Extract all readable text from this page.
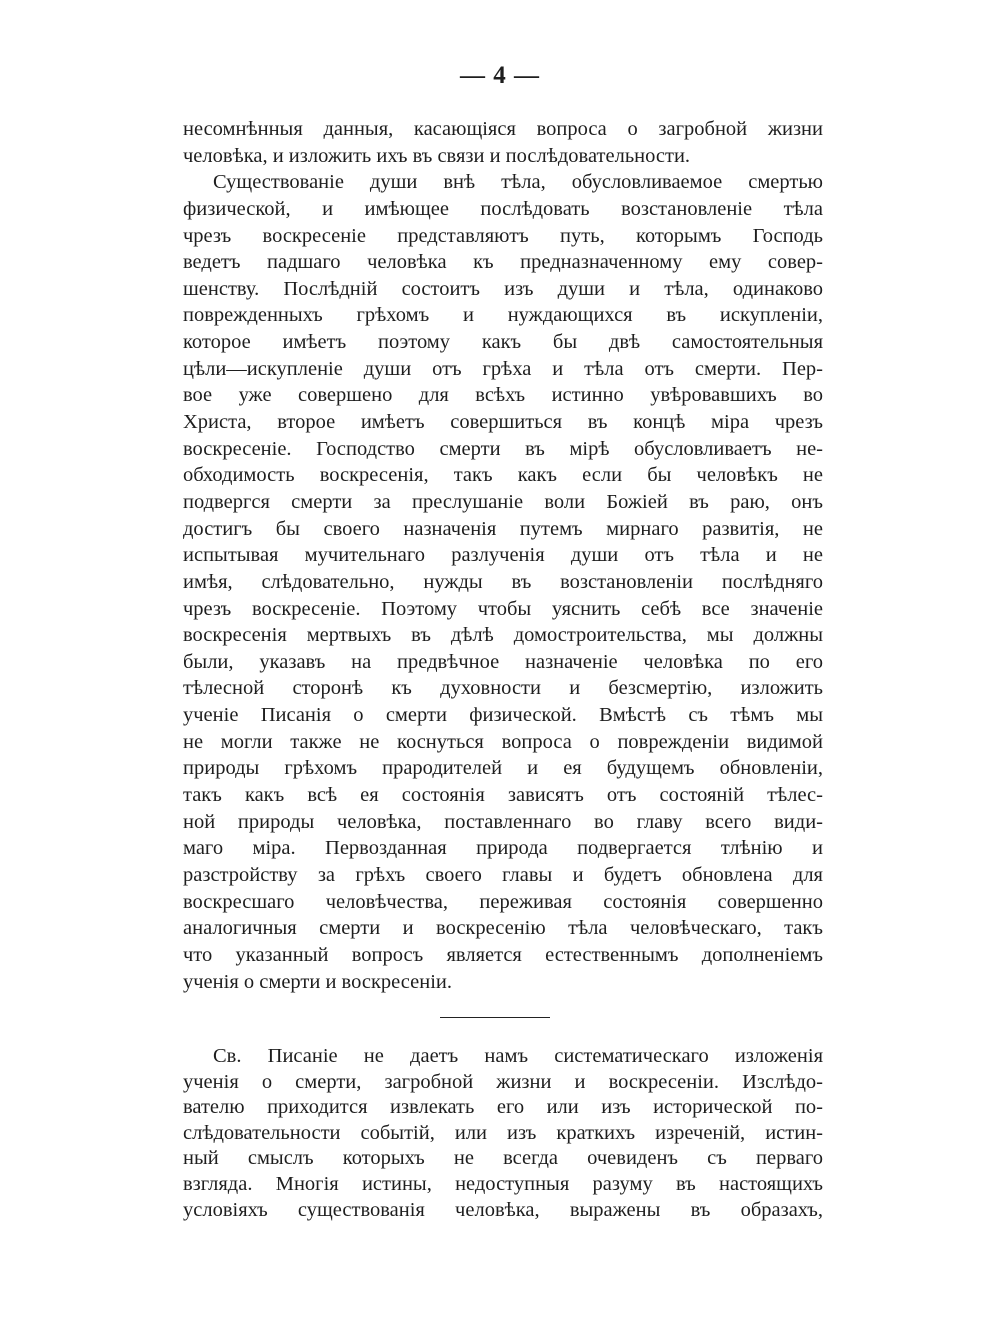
— 4 —
несомнѣнныя данныя, касающіяся вопроса о загробной жизни
человѣка, и изложить ихъ въ связи и послѣдовательности.
Существованіе души внѣ тѣла, обусловливаемое смертью
физической, и имѣющее послѣдовать возстановленіе тѣла
чрезъ воскресеніе представляютъ путь, которымъ Господь
ведетъ падшаго человѣка къ предназначенному ему совер-
шенству. Послѣдній состоитъ изъ души и тѣла, одинаково
поврежденныхъ грѣхомъ и нуждающихся въ искупленіи,
которое имѣетъ поэтому какъ бы двѣ самостоятельныя
цѣли—искупленіе души отъ грѣха и тѣла отъ смерти. Пер-
вое уже совершено для всѣхъ истинно увѣровавшихъ во
Христа, второе имѣетъ совершиться въ концѣ міра чрезъ
воскресеніе. Господство смерти въ мірѣ обусловливаетъ не-
обходимость воскресенія, такъ какъ если бы человѣкъ не
подвергся смерти за преслушаніе воли Божіей въ раю, онъ
достигъ бы своего назначенія путемъ мирнаго развитія, не
испытывая мучительнаго разлученія души отъ тѣла и не
имѣя, слѣдовательно, нужды въ возстановленіи послѣдняго
чрезъ воскресеніе. Поэтому чтобы уяснить себѣ все значеніе
воскресенія мертвыхъ въ дѣлѣ домостроительства, мы должны
были, указавъ на предвѣчное назначеніе человѣка по его
тѣлесной сторонѣ къ духовности и безсмертію, изложить
ученіе Писанія о смерти физической. Вмѣстѣ съ тѣмъ мы
не могли также не коснуться вопроса о поврежденіи видимой
природы грѣхомъ прародителей и ея будущемъ обновленіи,
такъ какъ всѣ ея состоянія зависятъ отъ состояній тѣлес-
ной природы человѣка, поставленнаго во главу всего види-
маго міра. Первозданная природа подвергается тлѣнію и
разстройству за грѣхъ своего главы и будетъ обновлена для
воскресшаго человѣчества, переживая состоянія совершенно
аналогичныя смерти и воскресенію тѣла человѣческаго, такъ
что указанный вопросъ является естественнымъ дополненіемъ
ученія о смерти и воскресеніи.
Св. Писаніе не даетъ намъ систематическаго изложенія
ученія о смерти, загробной жизни и воскресеніи. Изслѣдо-
вателю приходится извлекать его или изъ исторической по-
слѣдовательности событій, или изъ краткихъ изреченій, истин-
ный смыслъ которыхъ не всегда очевиденъ съ перваго
взгляда. Многія истины, недоступныя разуму въ настоящихъ
условіяхъ существованія человѣка, выражены въ образахъ,
